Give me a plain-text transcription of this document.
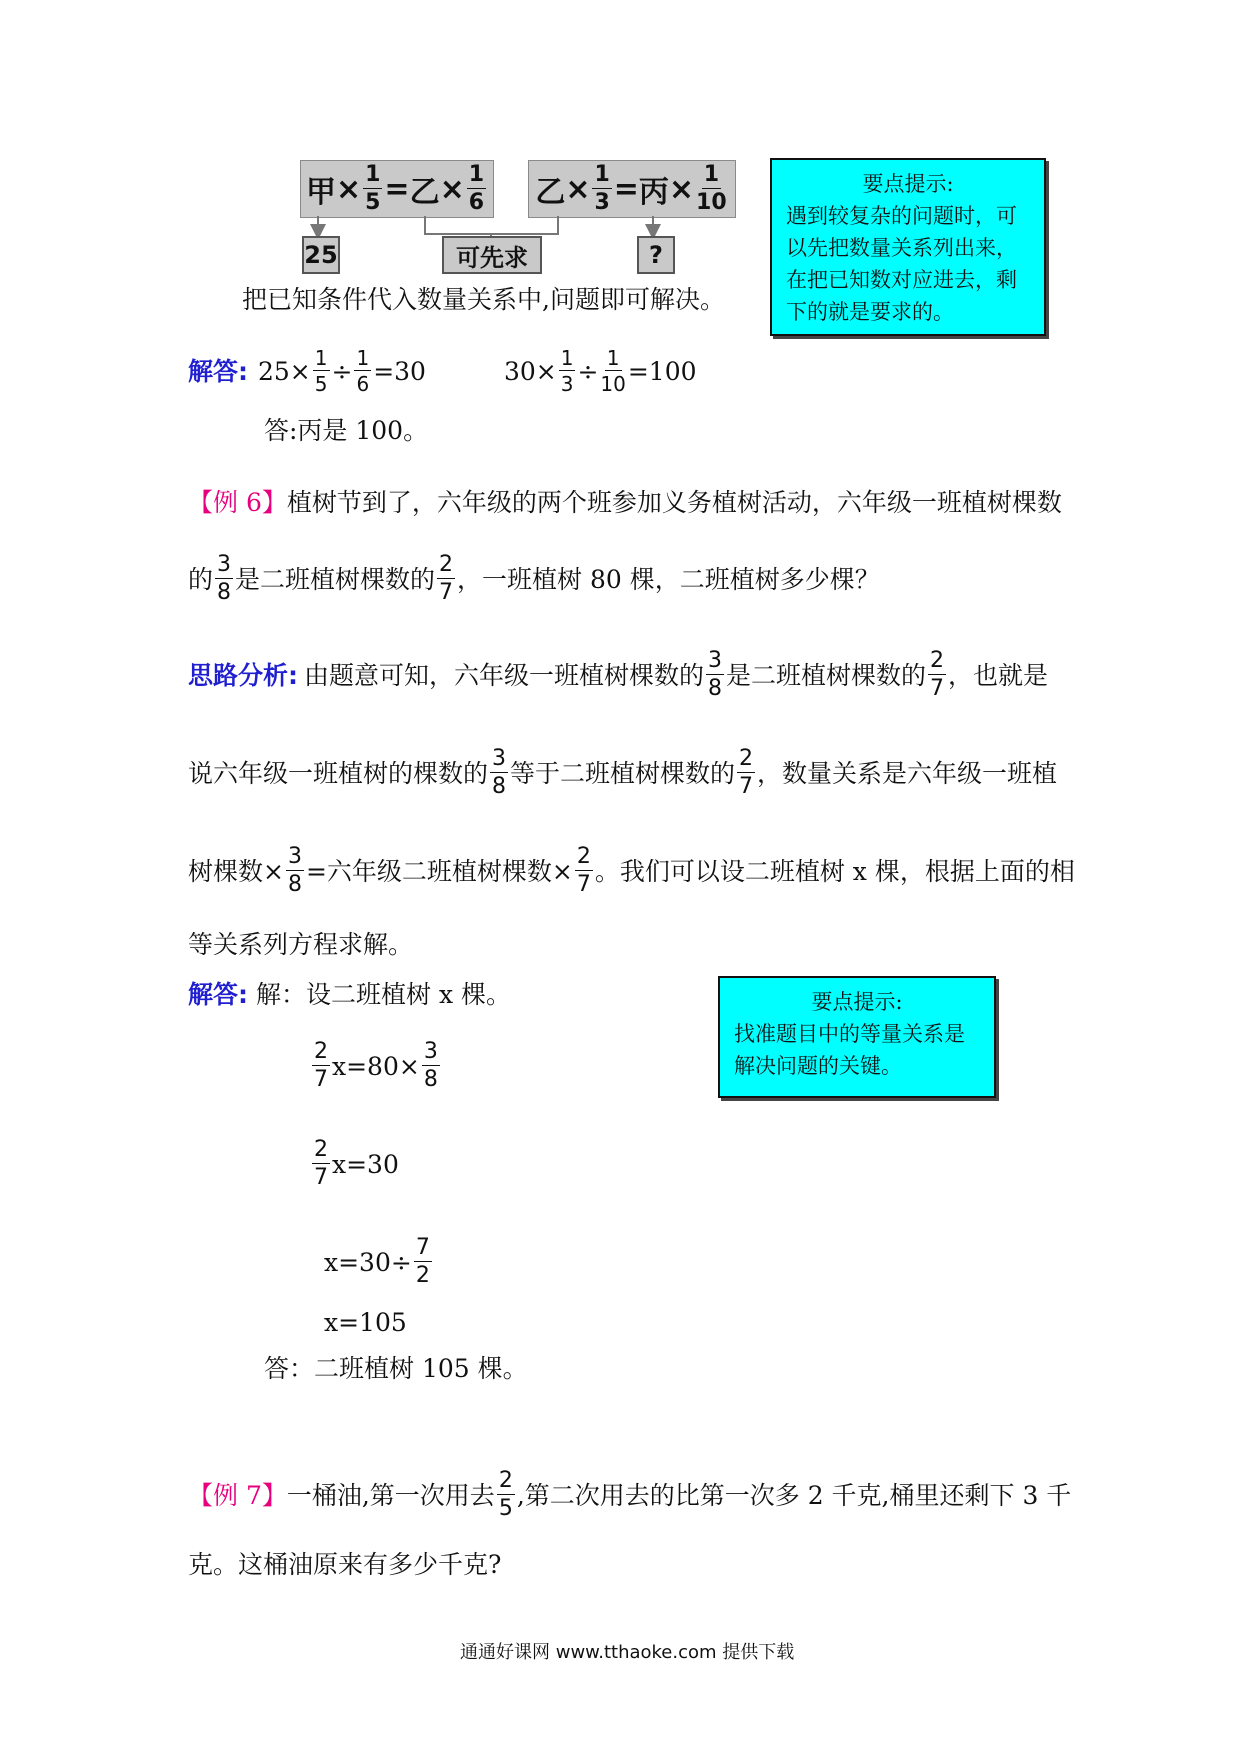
甲 × $\frac{1}{5}$ = 乙 × $\frac{1}{6}$ 乙 × $\frac{1}{3}$ = 丙 × $\frac{1}{10}$
25	可先求	?
把已知条件代入数量关系中,问题即可解决。
要点提示:
遇到较复杂的问题时，可
以先把数量关系列出来，
在把已知数对应进去，剩
下的就是要求的。
解答: $25\times \frac{1}{5} \div \frac{1}{6} =30$	$30\times \frac{1}{3} \div \frac{1}{10} =100$
答:丙是 100。
【例 6】植树节到了，六年级的两个班参加义务植树活动，六年级一班植树棵数
的 $\frac{3}{8}$ 是二班植树棵数的 $\frac{2}{7}$ ，一班植树 80 棵，二班植树多少棵？
思路分析: 由题意可知，六年级一班植树棵数的 $\frac{3}{8}$ 是二班植树棵数的 $\frac{2}{7}$ ，也就是
说六年级一班植树的棵数的 $\frac{3}{8}$ 等于二班植树棵数的 $\frac{2}{7}$ ，数量关系是六年级一班植
树棵数× $\frac{3}{8}$ =六年级二班植树棵数× $\frac{2}{7}$ 。我们可以设二班植树 x 棵，根据上面的相
等关系列方程求解。
解答: 解：设二班植树 x 棵。
$\frac{2}{7} x=80\times \frac{3}{8}$
$\frac{2}{7} x=30$
$x=30\div \frac{7}{2}$
x=105
答：二班植树 105 棵。
要点提示:
找准题目中的等量关系是
解决问题的关键。
【例 7】 一桶油,第一次用去 $\frac{2}{5}$ ,第二次用去的比第一次多 2 千克,桶里还剩下 3 千
克。这桶油原来有多少千克?
通通好课网 www.tthaoke.com 提供下载
